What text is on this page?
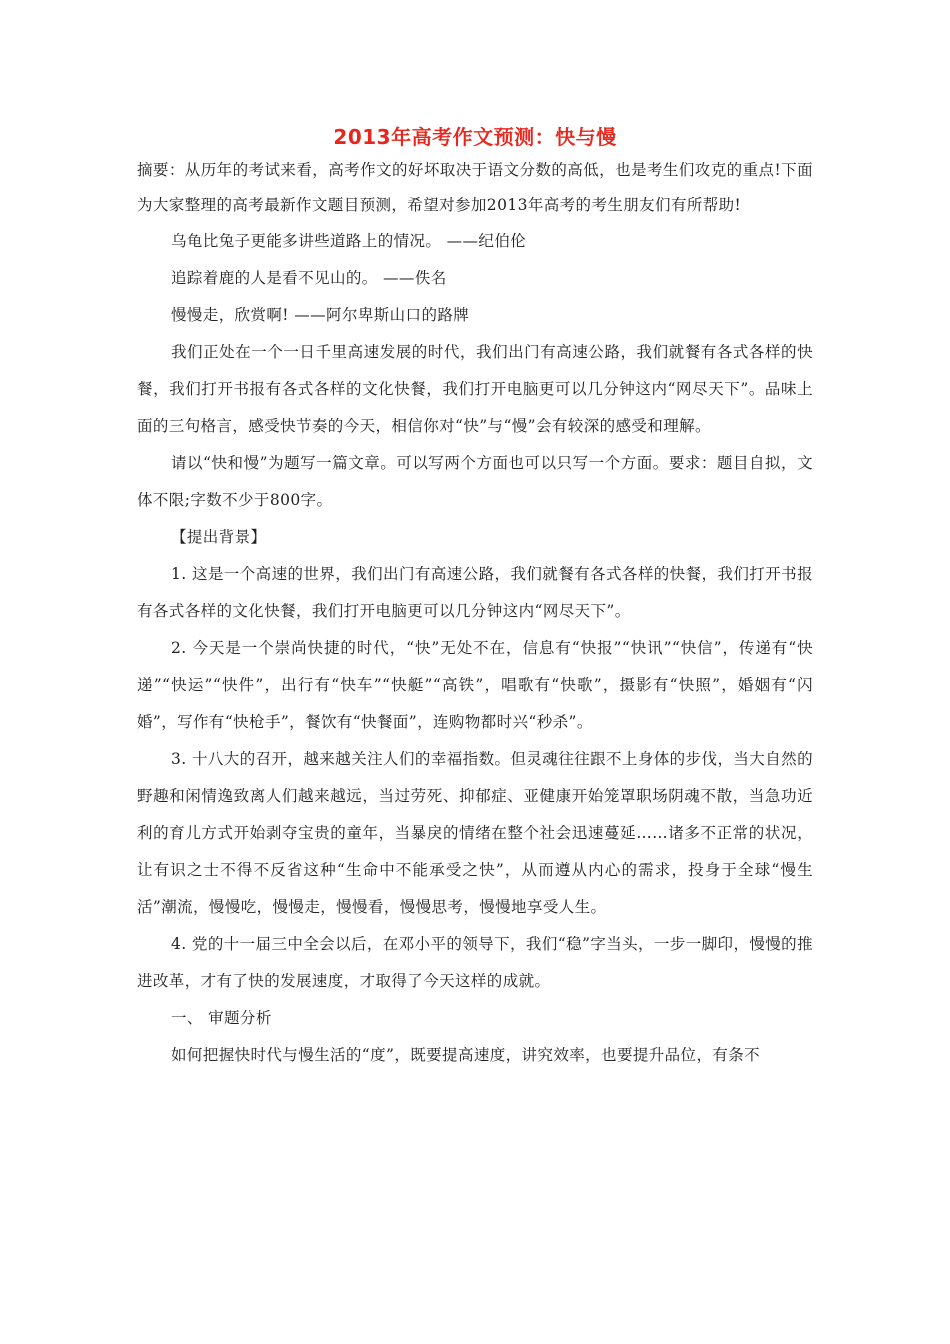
2013年高考作文预测：快与慢

摘要：从历年的考试来看，高考作文的好坏取决于语文分数的高低，也是考生们攻克的重点!下面为大家整理的高考最新作文题目预测，希望对参加2013年高考的考生朋友们有所帮助!

乌龟比兔子更能多讲些道路上的情况。 ——纪伯伦

追踪着鹿的人是看不见山的。 ——佚名

慢慢走，欣赏啊! ——阿尔卑斯山口的路牌

我们正处在一个一日千里高速发展的时代，我们出门有高速公路，我们就餐有各式各样的快餐，我们打开书报有各式各样的文化快餐，我们打开电脑更可以几分钟这内“网尽天下”。品味上面的三句格言，感受快节奏的今天，相信你对“快”与“慢”会有较深的感受和理解。

请以“快和慢”为题写一篇文章。可以写两个方面也可以只写一个方面。要求：题目自拟，文体不限;字数不少于800字。

【提出背景】

1. 这是一个高速的世界，我们出门有高速公路，我们就餐有各式各样的快餐，我们打开书报有各式各样的文化快餐，我们打开电脑更可以几分钟这内“网尽天下”。

2. 今天是一个崇尚快捷的时代，“快”无处不在，信息有“快报”“快讯”“快信”，传递有“快递”“快运”“快件”，出行有“快车”“快艇”“高铁”，唱歌有“快歌”，摄影有“快照”，婚姻有“闪婚”，写作有“快枪手”，餐饮有“快餐面”，连购物都时兴“秒杀”。

3. 十八大的召开，越来越关注人们的幸福指数。但灵魂往往跟不上身体的步伐，当大自然的野趣和闲情逸致离人们越来越远，当过劳死、抑郁症、亚健康开始笼罩职场阴魂不散，当急功近利的育儿方式开始剥夺宝贵的童年，当暴戾的情绪在整个社会迅速蔓延……诸多不正常的状况，让有识之士不得不反省这种“生命中不能承受之快”，从而遵从内心的需求，投身于全球“慢生活”潮流，慢慢吃，慢慢走，慢慢看，慢慢思考，慢慢地享受人生。

4. 党的十一届三中全会以后，在邓小平的领导下，我们“稳”字当头，一步一脚印，慢慢的推进改革，才有了快的发展速度，才取得了今天这样的成就。

一、 审题分析

如何把握快时代与慢生活的“度”，既要提高速度，讲究效率，也要提升品位，有条不
